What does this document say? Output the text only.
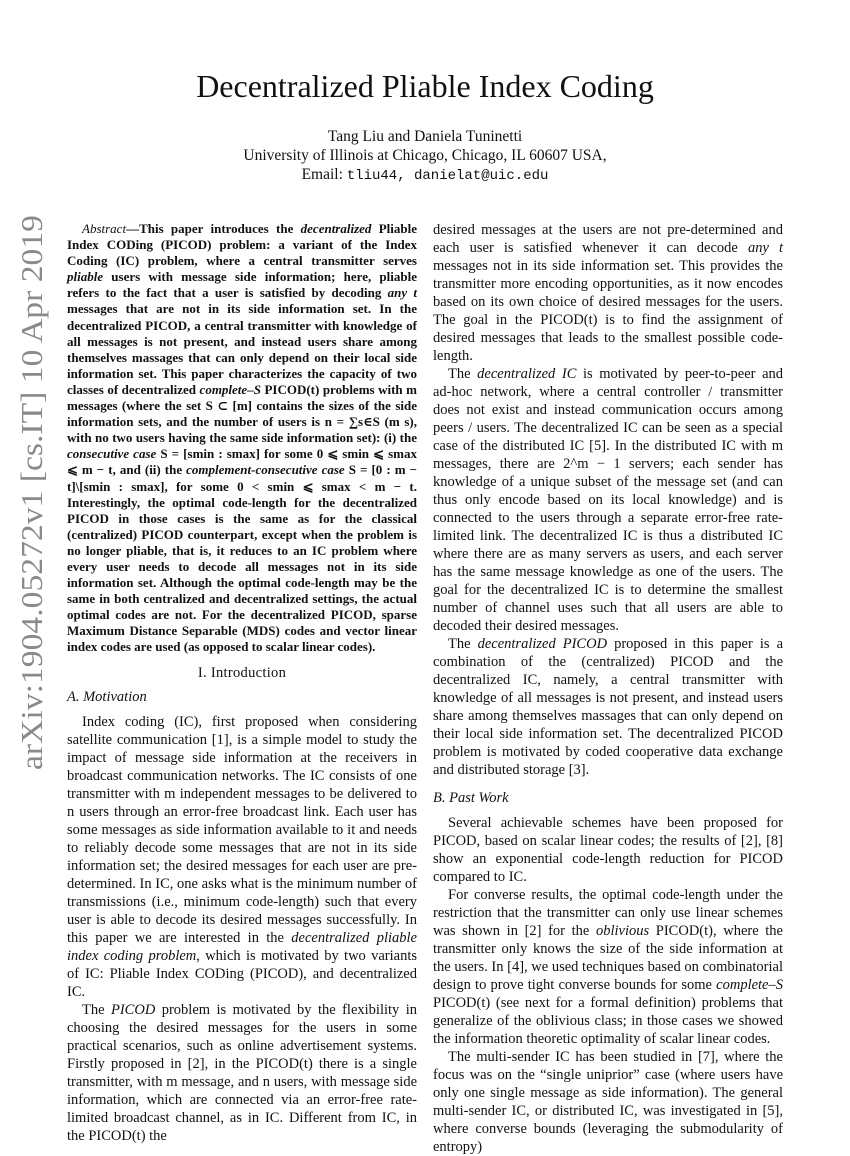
arXiv:1904.05272v1 [cs.IT] 10 Apr 2019
Decentralized Pliable Index Coding
Tang Liu and Daniela Tuninetti
University of Illinois at Chicago, Chicago, IL 60607 USA,
Email: tliu44, danielat@uic.edu

Abstract—This paper introduces the decentralized Pliable Index CODing (PICOD) problem: a variant of the Index Coding (IC) problem, where a central transmitter serves pliable users with message side information; here, pliable refers to the fact that a user is satisfied by decoding any t messages that are not in its side information set. In the decentralized PICOD, a central transmitter with knowledge of all messages is not present, and instead users share among themselves massages that can only depend on their local side information set. This paper characterizes the capacity of two classes of decentralized complete–S PICOD(t) problems with m messages (where the set S ⊂ [m] contains the sizes of the side information sets, and the number of users is n = ∑s∈S (m s), with no two users having the same side information set): (i) the consecutive case S = [smin : smax] for some 0 ⩽ smin ⩽ smax ⩽ m − t, and (ii) the complement-consecutive case S = [0 : m − t]\[smin : smax], for some 0 < smin ⩽ smax < m − t. Interestingly, the optimal code-length for the decentralized PICOD in those cases is the same as for the classical (centralized) PICOD counterpart, except when the problem is no longer pliable, that is, it reduces to an IC problem where every user needs to decode all messages not in its side information set. Although the optimal code-length may be the same in both centralized and decentralized settings, the actual optimal codes are not. For the decentralized PICOD, sparse Maximum Distance Separable (MDS) codes and vector linear index codes are used (as opposed to scalar linear codes).

I. Introduction
A. Motivation

Index coding (IC), first proposed when considering satellite communication [1], is a simple model to study the impact of message side information at the receivers in broadcast communication networks. The IC consists of one transmitter with m independent messages to be delivered to n users through an error-free broadcast link. Each user has some messages as side information available to it and needs to reliably decode some messages that are not in its side information set; the desired messages for each user are pre-determined. In IC, one asks what is the minimum number of transmissions (i.e., minimum code-length) such that every user is able to decode its desired messages successfully. In this paper we are interested in the decentralized pliable index coding problem, which is motivated by two variants of IC: Pliable Index CODing (PICOD), and decentralized IC.

The PICOD problem is motivated by the flexibility in choosing the desired messages for the users in some practical scenarios, such as online advertisement systems. Firstly proposed in [2], in the PICOD(t) there is a single transmitter, with m message, and n users, with message side information, which are connected via an error-free rate-limited broadcast channel, as in IC. Different from IC, in the PICOD(t) the

desired messages at the users are not pre-determined and each user is satisfied whenever it can decode any t messages not in its side information set. This provides the transmitter more encoding opportunities, as it now encodes based on its own choice of desired messages for the users. The goal in the PICOD(t) is to find the assignment of desired messages that leads to the smallest possible code-length.

The decentralized IC is motivated by peer-to-peer and ad-hoc network, where a central controller / transmitter does not exist and instead communication occurs among peers / users. The decentralized IC can be seen as a special case of the distributed IC [5]. In the distributed IC with m messages, there are 2^m − 1 servers; each sender has knowledge of a unique subset of the message set (and can thus only encode based on its local knowledge) and is connected to the users through a separate error-free rate-limited link. The decentralized IC is thus a distributed IC where there are as many servers as users, and each server has the same message knowledge as one of the users. The goal for the decentralized IC is to determine the smallest number of channel uses such that all users are able to decoded their desired messages.

The decentralized PICOD proposed in this paper is a combination of the (centralized) PICOD and the decentralized IC, namely, a central transmitter with knowledge of all messages is not present, and instead users share among themselves massages that can only depend on their local side information set. The decentralized PICOD problem is motivated by coded cooperative data exchange and distributed storage [3].

B. Past Work

Several achievable schemes have been proposed for PICOD, based on scalar linear codes; the results of [2], [8] show an exponential code-length reduction for PICOD compared to IC.

For converse results, the optimal code-length under the restriction that the transmitter can only use linear schemes was shown in [2] for the oblivious PICOD(t), where the transmitter only knows the size of the side information at the users. In [4], we used techniques based on combinatorial design to prove tight converse bounds for some complete–S PICOD(t) (see next for a formal definition) problems that generalize of the oblivious class; in those cases we showed the information theoretic optimality of scalar linear codes.

The multi-sender IC has been studied in [7], where the focus was on the “single uniprior” case (where users have only one single message as side information). The general multi-sender IC, or distributed IC, was investigated in [5], where converse bounds (leveraging the submodularity of entropy)
